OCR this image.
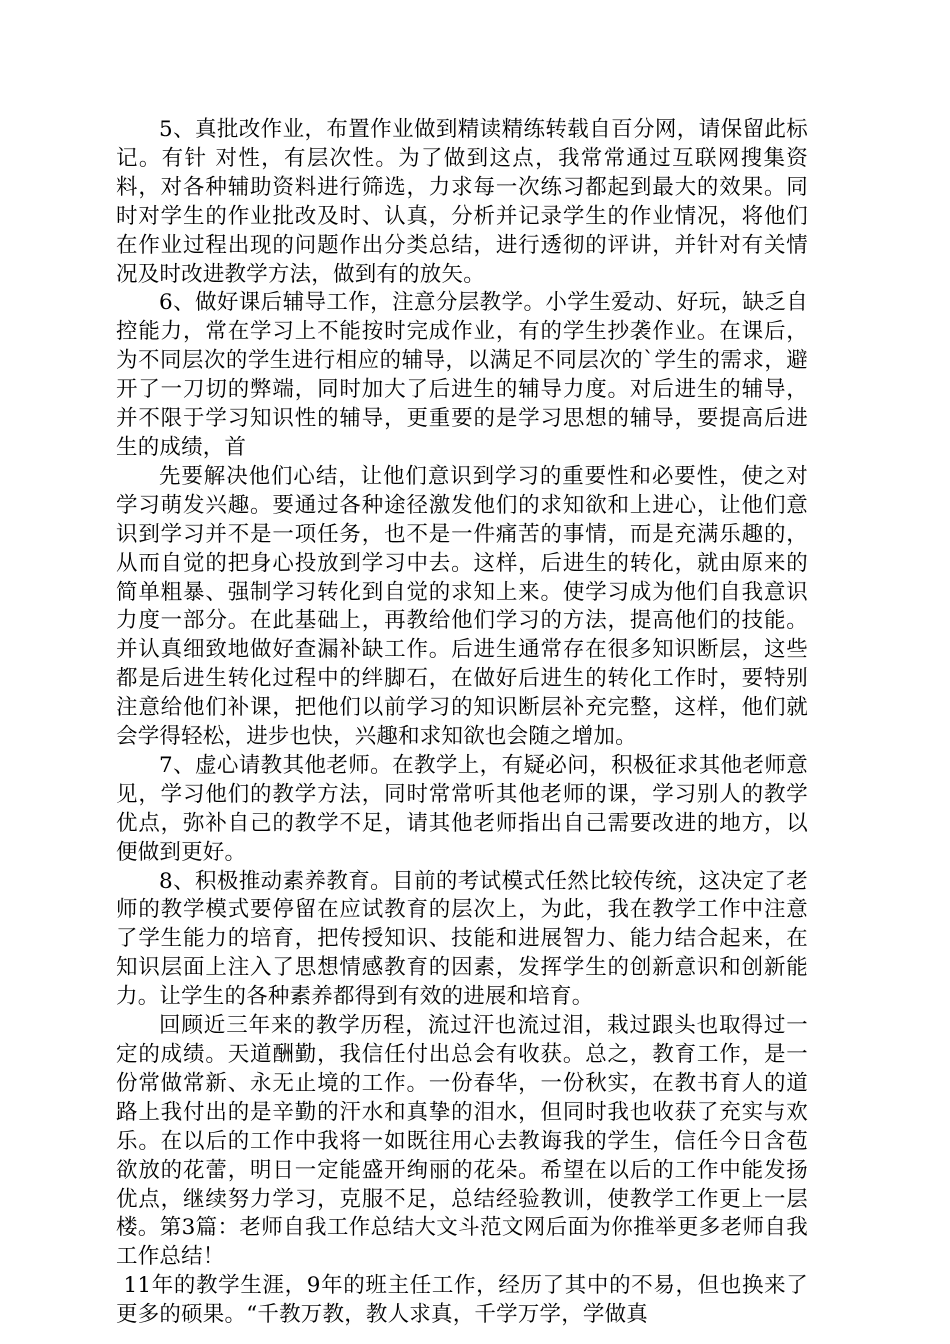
5、真批改作业，布置作业做到精读精练转载自百分网，请保留此标记。有针 对性，有层次性。为了做到这点，我常常通过互联网搜集资料，对各种辅助资料进行筛选，力求每一次练习都起到最大的效果。同时对学生的作业批改及时、认真，分析并记录学生的作业情况，将他们在作业过程出现的问题作出分类总结，进行透彻的评讲，并针对有关情况及时改进教学方法，做到有的放矢。

6、做好课后辅导工作，注意分层教学。小学生爱动、好玩，缺乏自控能力，常在学习上不能按时完成作业，有的学生抄袭作业。在课后，为不同层次的学生进行相应的辅导，以满足不同层次的`学生的需求，避开了一刀切的弊端，同时加大了后进生的辅导力度。对后进生的辅导，并不限于学习知识性的辅导，更重要的是学习思想的辅导，要提高后进生的成绩，首

先要解决他们心结，让他们意识到学习的重要性和必要性，使之对学习萌发兴趣。要通过各种途径激发他们的求知欲和上进心，让他们意识到学习并不是一项任务，也不是一件痛苦的事情，而是充满乐趣的，从而自觉的把身心投放到学习中去。这样，后进生的转化，就由原来的简单粗暴、强制学习转化到自觉的求知上来。使学习成为他们自我意识力度一部分。在此基础上，再教给他们学习的方法，提高他们的技能。并认真细致地做好查漏补缺工作。后进生通常存在很多知识断层，这些都是后进生转化过程中的绊脚石，在做好后进生的转化工作时，要特别注意给他们补课，把他们以前学习的知识断层补充完整，这样，他们就会学得轻松，进步也快，兴趣和求知欲也会随之增加。

7、虚心请教其他老师。在教学上，有疑必问，积极征求其他老师意见，学习他们的教学方法，同时常常听其他老师的课，学习别人的教学优点，弥补自己的教学不足，请其他老师指出自己需要改进的地方，以便做到更好。

8、积极推动素养教育。目前的考试模式任然比较传统，这决定了老师的教学模式要停留在应试教育的层次上，为此，我在教学工作中注意了学生能力的培育，把传授知识、技能和进展智力、能力结合起来，在知识层面上注入了思想情感教育的因素，发挥学生的创新意识和创新能力。让学生的各种素养都得到有效的进展和培育。

回顾近三年来的教学历程，流过汗也流过泪，栽过跟头也取得过一定的成绩。天道酬勤，我信任付出总会有收获。总之，教育工作，是一份常做常新、永无止境的工作。一份春华，一份秋实，在教书育人的道路上我付出的是辛勤的汗水和真挚的泪水，但同时我也收获了充实与欢乐。在以后的工作中我将一如既往用心去教诲我的学生，信任今日含苞欲放的花蕾，明日一定能盛开绚丽的花朵。希望在以后的工作中能发扬优点，继续努力学习，克服不足，总结经验教训，使教学工作更上一层楼。第3篇：老师自我工作总结大文斗范文网后面为你推举更多老师自我工作总结！

11年的教学生涯，9年的班主任工作，经历了其中的不易，但也换来了更多的硕果。“千教万教，教人求真，千学万学，学做真
